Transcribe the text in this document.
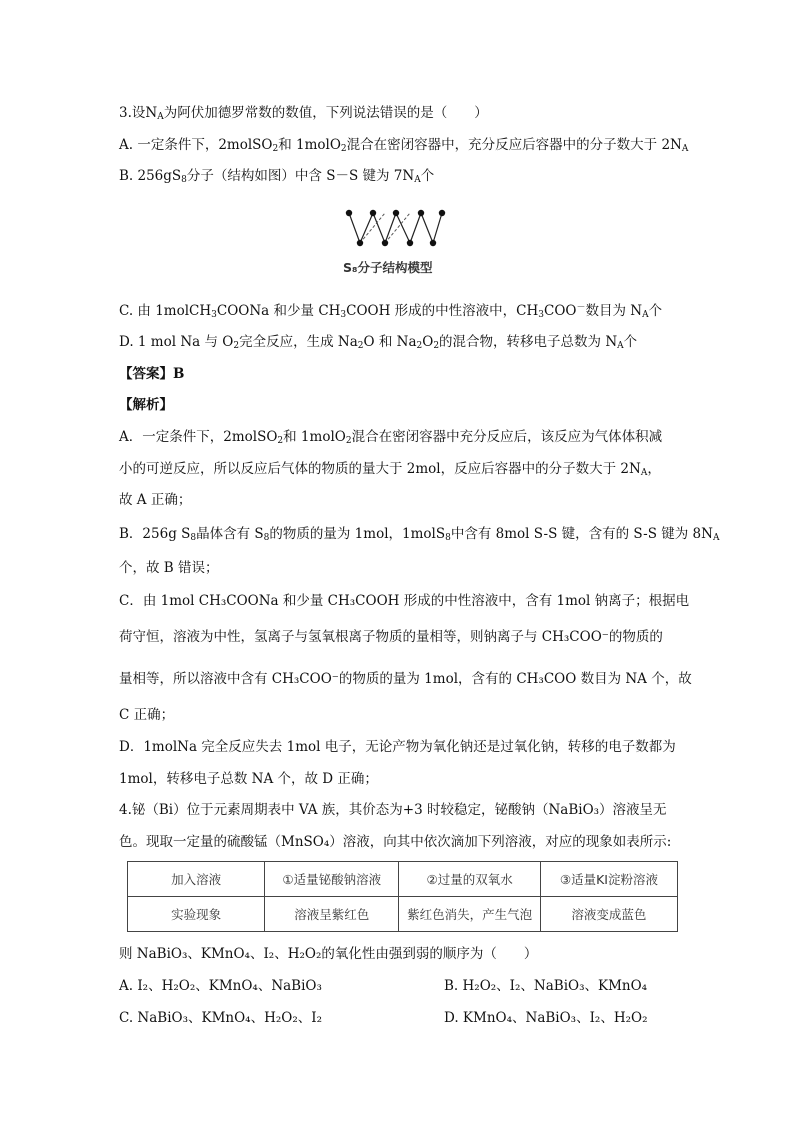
3.设$N_A$为阿伏加德罗常数的数值，下列说法错误的是（　　）
A. 一定条件下，2molSO$_2$和 1molO$_2$混合在密闭容器中，充分反应后容器中的分子数大于 $2N_A$
B. $256gS_8$分子（结构如图）中含 S－S 键为 $7N_A$个
S₈分子结构模型
C. 由 1molCH$_3$COONa 和少量 $CH_3COOH$ 形成的中性溶液中，$CH_3COO^-$数目为 $N_A$个
D. 1 mol Na 与 $O_2$完全反应，生成 $Na_2O$ 和 $Na_2O_2$的混合物，转移电子总数为 $N_A$个
【答案】B
【解析】
A．一定条件下，2molSO$_2$和 1molO$_2$混合在密闭容器中充分反应后，该反应为气体体积减
小的可逆反应，所以反应后气体的物质的量大于 2mol，反应后容器中的分子数大于 $2N_A$，
故 A 正确；
B．256g $S_8$晶体含有 $S_8$的物质的量为 1mol，1molS$_8$中含有 8mol S-S 键，含有的 S-S 键为 $8N_A$
个，故 B 错误；
C．由 1mol CH₃COONa 和少量 CH₃COOH 形成的中性溶液中，含有 1mol 钠离子；根据电
荷守恒，溶液为中性，氢离子与氢氧根离子物质的量相等，则钠离子与 CH₃COO⁻的物质的
量相等，所以溶液中含有 CH₃COO⁻的物质的量为 1mol，含有的 CH₃COO 数目为 NA 个，故
C 正确；
D．1molNa 完全反应失去 1mol 电子，无论产物为氧化钠还是过氧化钠，转移的电子数都为
1mol，转移电子总数 NA 个，故 D 正确；
4.铋（Bi）位于元素周期表中 VA 族，其价态为+3 时较稳定，铋酸钠（NaBiO₃）溶液呈无
色。现取一定量的硫酸锰（MnSO₄）溶液，向其中依次滴加下列溶液，对应的现象如表所示:
加入溶液	①适量铋酸钠溶液	②过量的双氧水	③适量KI淀粉溶液
实验现象	溶液呈紫红色	紫红色消失，产生气泡	溶液变成蓝色
则 NaBiO₃、KMnO₄、I₂、H₂O₂的氧化性由强到弱的顺序为（　　）
A. I₂、H₂O₂、KMnO₄、NaBiO₃	B. H₂O₂、I₂、NaBiO₃、KMnO₄
C. NaBiO₃、KMnO₄、H₂O₂、I₂	D. KMnO₄、NaBiO₃、I₂、H₂O₂
